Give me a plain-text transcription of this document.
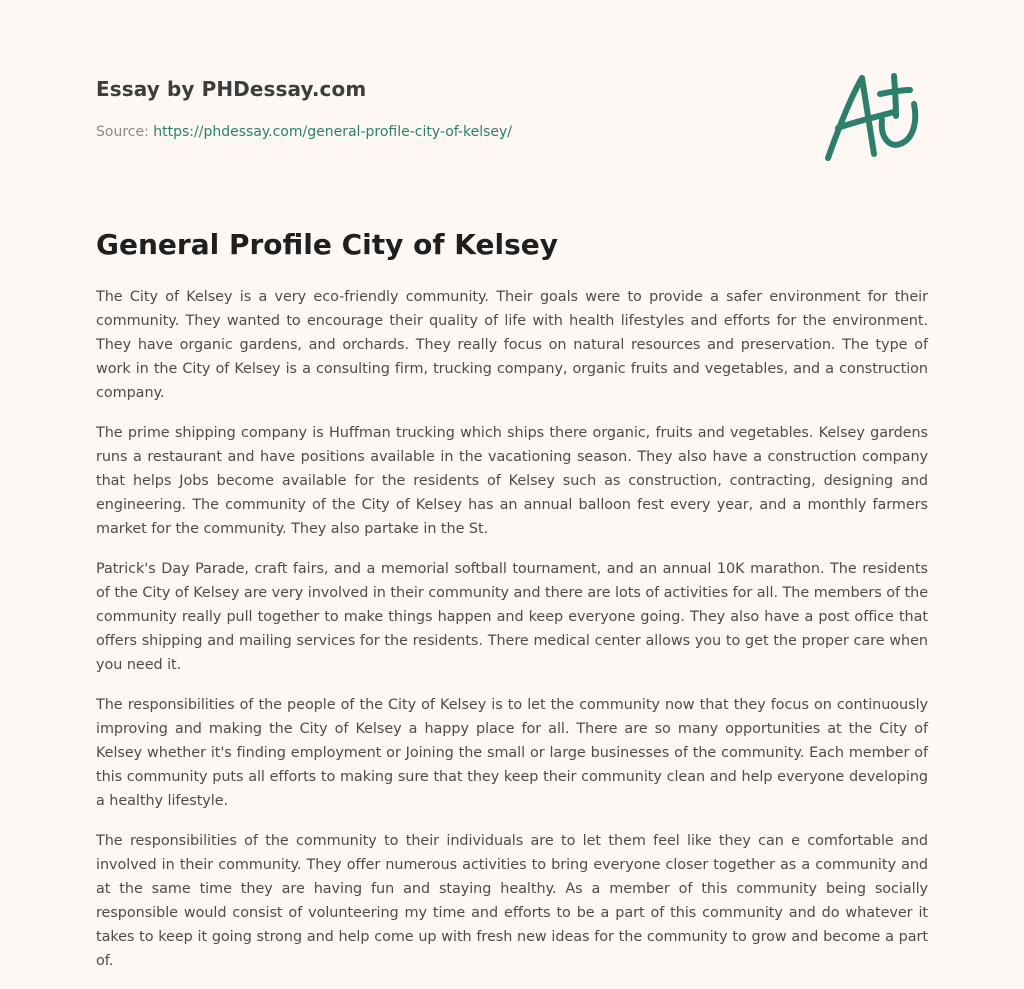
Essay by PHDessay.com
Source: https://phdessay.com/general-profile-city-of-kelsey/
General Profile City of Kelsey

The City of Kelsey is a very eco-friendly community. Their goals were to provide a safer environment for their community. They wanted to encourage their quality of life with health lifestyles and efforts for the environment. They have organic gardens, and orchards. They really focus on natural resources and preservation. The type of work in the City of Kelsey is a consulting firm, trucking company, organic fruits and vegetables, and a construction company.

The prime shipping company is Huffman trucking which ships there organic, fruits and vegetables. Kelsey gardens runs a restaurant and have positions available in the vacationing season. They also have a construction company that helps Jobs become available for the residents of Kelsey such as construction, contracting, designing and engineering. The community of the City of Kelsey has an annual balloon fest every year, and a monthly farmers market for the community. They also partake in the St.

Patrick's Day Parade, craft fairs, and a memorial softball tournament, and an annual 10K marathon. The residents of the City of Kelsey are very involved in their community and there are lots of activities for all. The members of the community really pull together to make things happen and keep everyone going. They also have a post office that offers shipping and mailing services for the residents. There medical center allows you to get the proper care when you need it.

The responsibilities of the people of the City of Kelsey is to let the community now that they focus on continuously improving and making the City of Kelsey a happy place for all. There are so many opportunities at the City of Kelsey whether it's finding employment or Joining the small or large businesses of the community. Each member of this community puts all efforts to making sure that they keep their community clean and help everyone developing a healthy lifestyle.

The responsibilities of the community to their individuals are to let them feel like they can e comfortable and involved in their community. They offer numerous activities to bring everyone closer together as a community and at the same time they are having fun and staying healthy. As a member of this community being socially responsible would consist of volunteering my time and efforts to be a part of this community and do whatever it takes to keep it going strong and help come up with fresh new ideas for the community to grow and become a part of.
